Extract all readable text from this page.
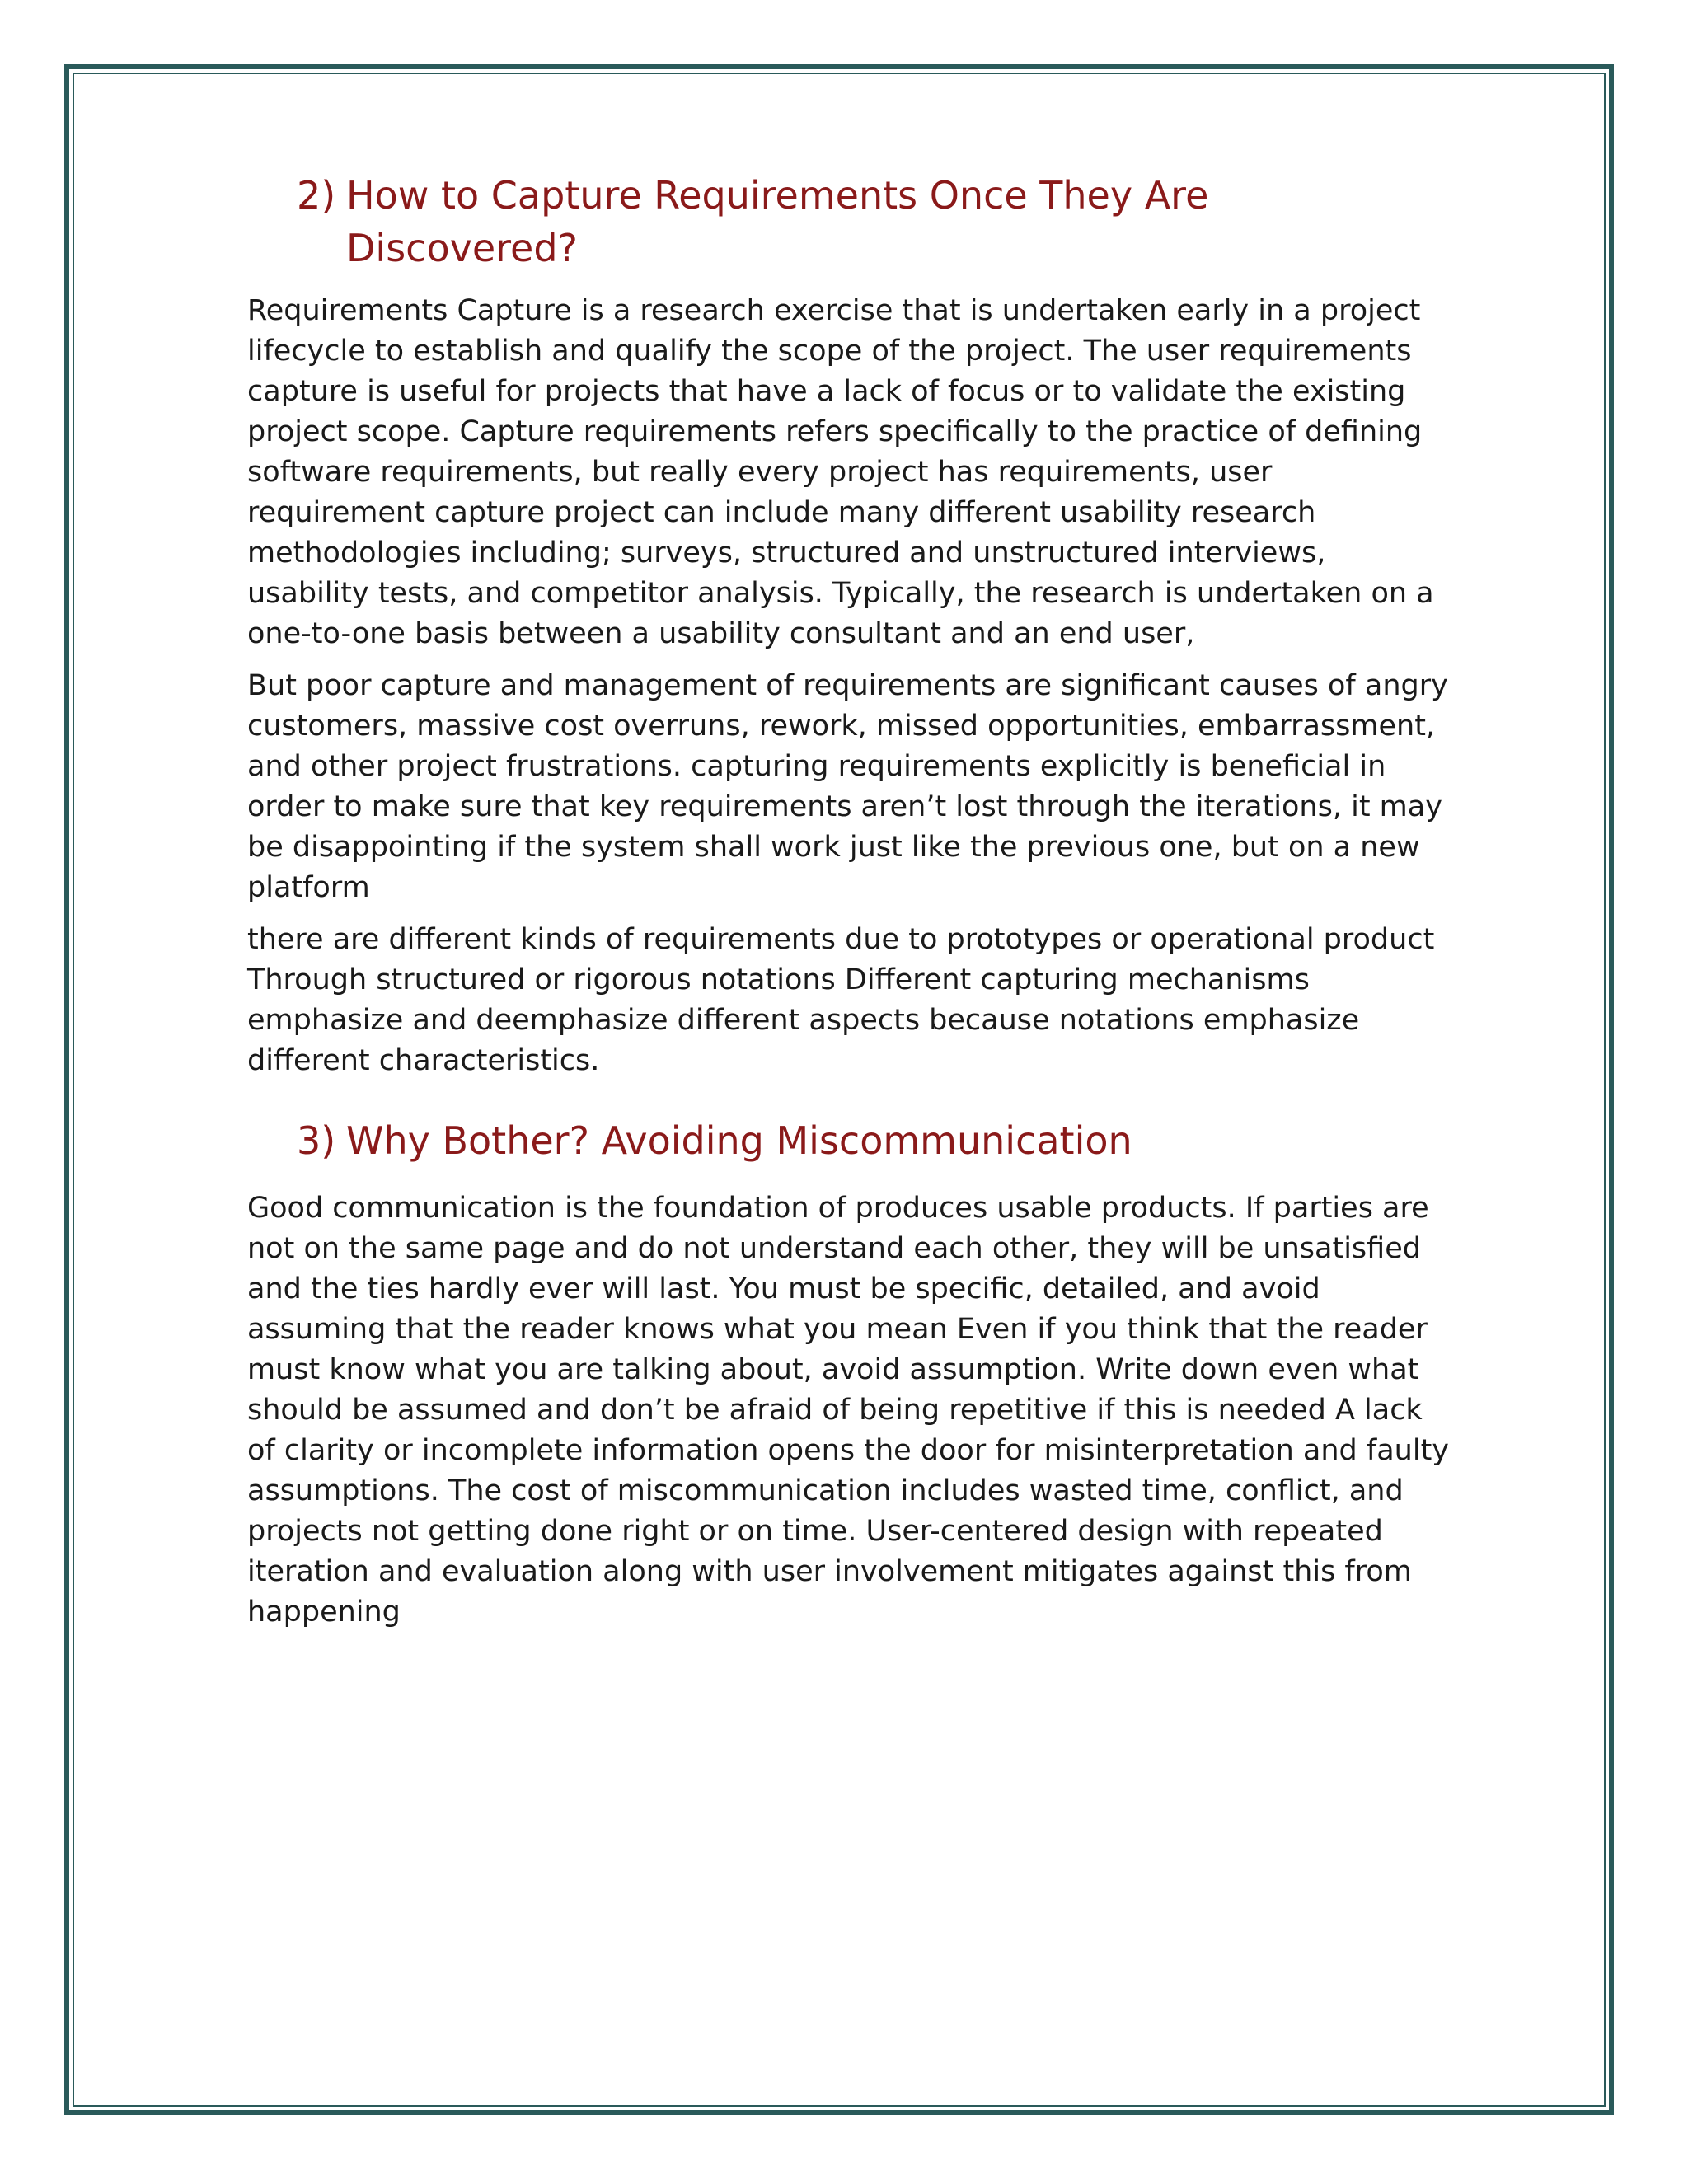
2) How to Capture Requirements Once They Are Discovered?

Requirements Capture is a research exercise that is undertaken early in a project lifecycle to establish and qualify the scope of the project. The user requirements capture is useful for projects that have a lack of focus or to validate the existing project scope. Capture requirements refers specifically to the practice of defining software requirements, but really every project has requirements, user requirement capture project can include many different usability research methodologies including; surveys, structured and unstructured interviews, usability tests, and competitor analysis. Typically, the research is undertaken on a one-to-one basis between a usability consultant and an end user,

But poor capture and management of requirements are significant causes of angry customers, massive cost overruns, rework, missed opportunities, embarrassment, and other project frustrations. capturing requirements explicitly is beneficial in order to make sure that key requirements aren’t lost through the iterations, it may be disappointing if the system shall work just like the previous one, but on a new platform

there are different kinds of requirements due to prototypes or operational product Through structured or rigorous notations Different capturing mechanisms emphasize and deemphasize different aspects because notations emphasize different characteristics.

3) Why Bother? Avoiding Miscommunication

Good communication is the foundation of produces usable products. If parties are not on the same page and do not understand each other, they will be unsatisfied and the ties hardly ever will last. You must be specific, detailed, and avoid assuming that the reader knows what you mean Even if you think that the reader must know what you are talking about, avoid assumption. Write down even what should be assumed and don’t be afraid of being repetitive if this is needed A lack of clarity or incomplete information opens the door for misinterpretation and faulty assumptions. The cost of miscommunication includes wasted time, conflict, and projects not getting done right or on time. User-centered design with repeated iteration and evaluation along with user involvement mitigates against this from happening
